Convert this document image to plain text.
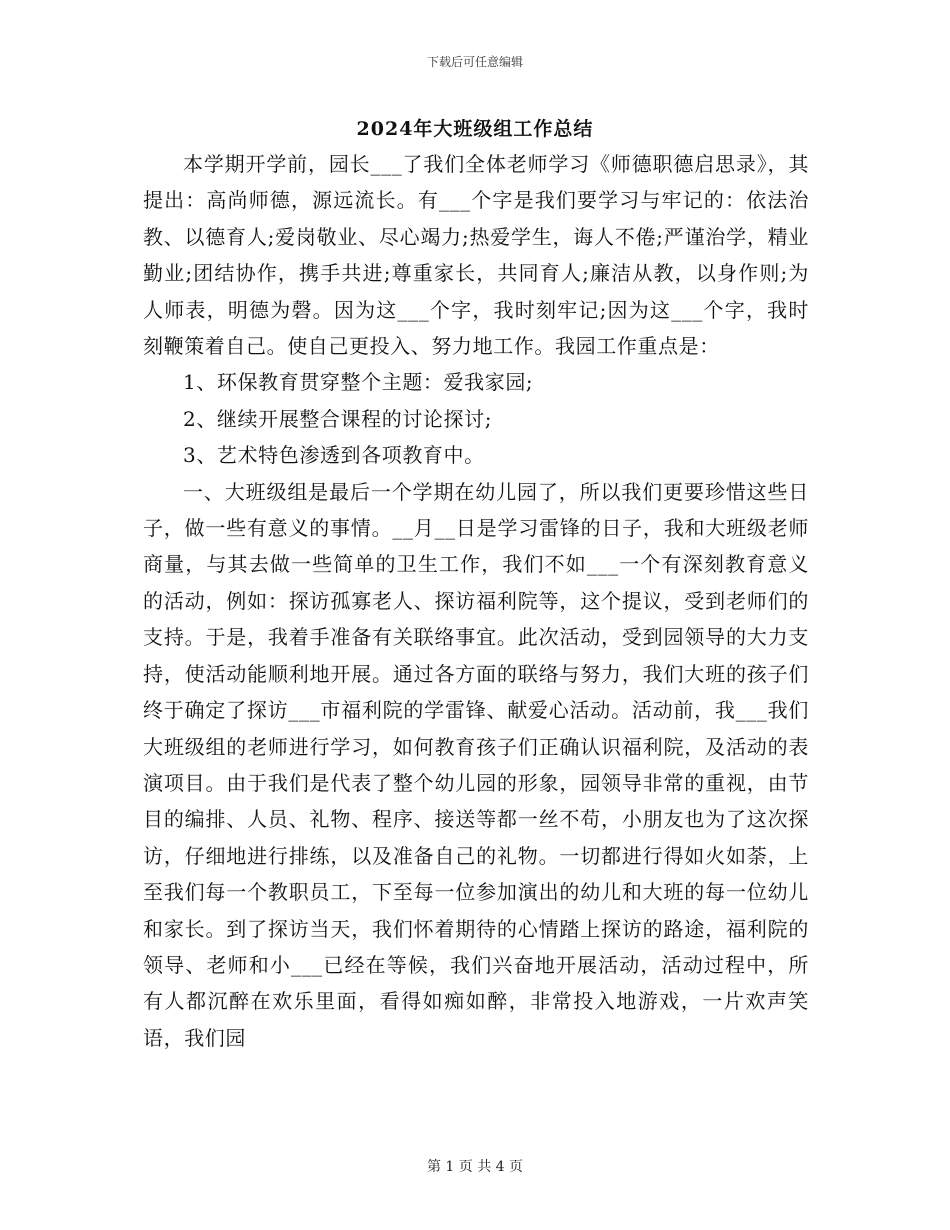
下载后可任意编辑
2024年大班级组工作总结

本学期开学前，园长___了我们全体老师学习《师德职德启思录》，其提出：高尚师德，源远流长。有___个字是我们要学习与牢记的：依法治教、以德育人;爱岗敬业、尽心竭力;热爱学生，诲人不倦;严谨治学，精业勤业;团结协作，携手共进;尊重家长，共同育人;廉洁从教，以身作则;为人师表，明德为磬。因为这___个字，我时刻牢记;因为这___个字，我时刻鞭策着自己。使自己更投入、努力地工作。我园工作重点是：

1、环保教育贯穿整个主题：爱我家园;

2、继续开展整合课程的讨论探讨;

3、艺术特色渗透到各项教育中。

一、大班级组是最后一个学期在幼儿园了，所以我们更要珍惜这些日子，做一些有意义的事情。__月__日是学习雷锋的日子，我和大班级老师商量，与其去做一些简单的卫生工作，我们不如___一个有深刻教育意义的活动，例如：探访孤寡老人、探访福利院等，这个提议，受到老师们的支持。于是，我着手准备有关联络事宜。此次活动，受到园领导的大力支持，使活动能顺利地开展。通过各方面的联络与努力，我们大班的孩子们终于确定了探访___市福利院的学雷锋、献爱心活动。活动前，我___我们大班级组的老师进行学习，如何教育孩子们正确认识福利院，及活动的表演项目。由于我们是代表了整个幼儿园的形象，园领导非常的重视，由节目的编排、人员、礼物、程序、接送等都一丝不苟，小朋友也为了这次探访，仔细地进行排练，以及准备自己的礼物。一切都进行得如火如荼，上至我们每一个教职员工，下至每一位参加演出的幼儿和大班的每一位幼儿和家长。到了探访当天，我们怀着期待的心情踏上探访的路途，福利院的领导、老师和小___已经在等候，我们兴奋地开展活动，活动过程中，所有人都沉醉在欢乐里面，看得如痴如醉，非常投入地游戏，一片欢声笑语，我们园

第 1 页 共 4 页
